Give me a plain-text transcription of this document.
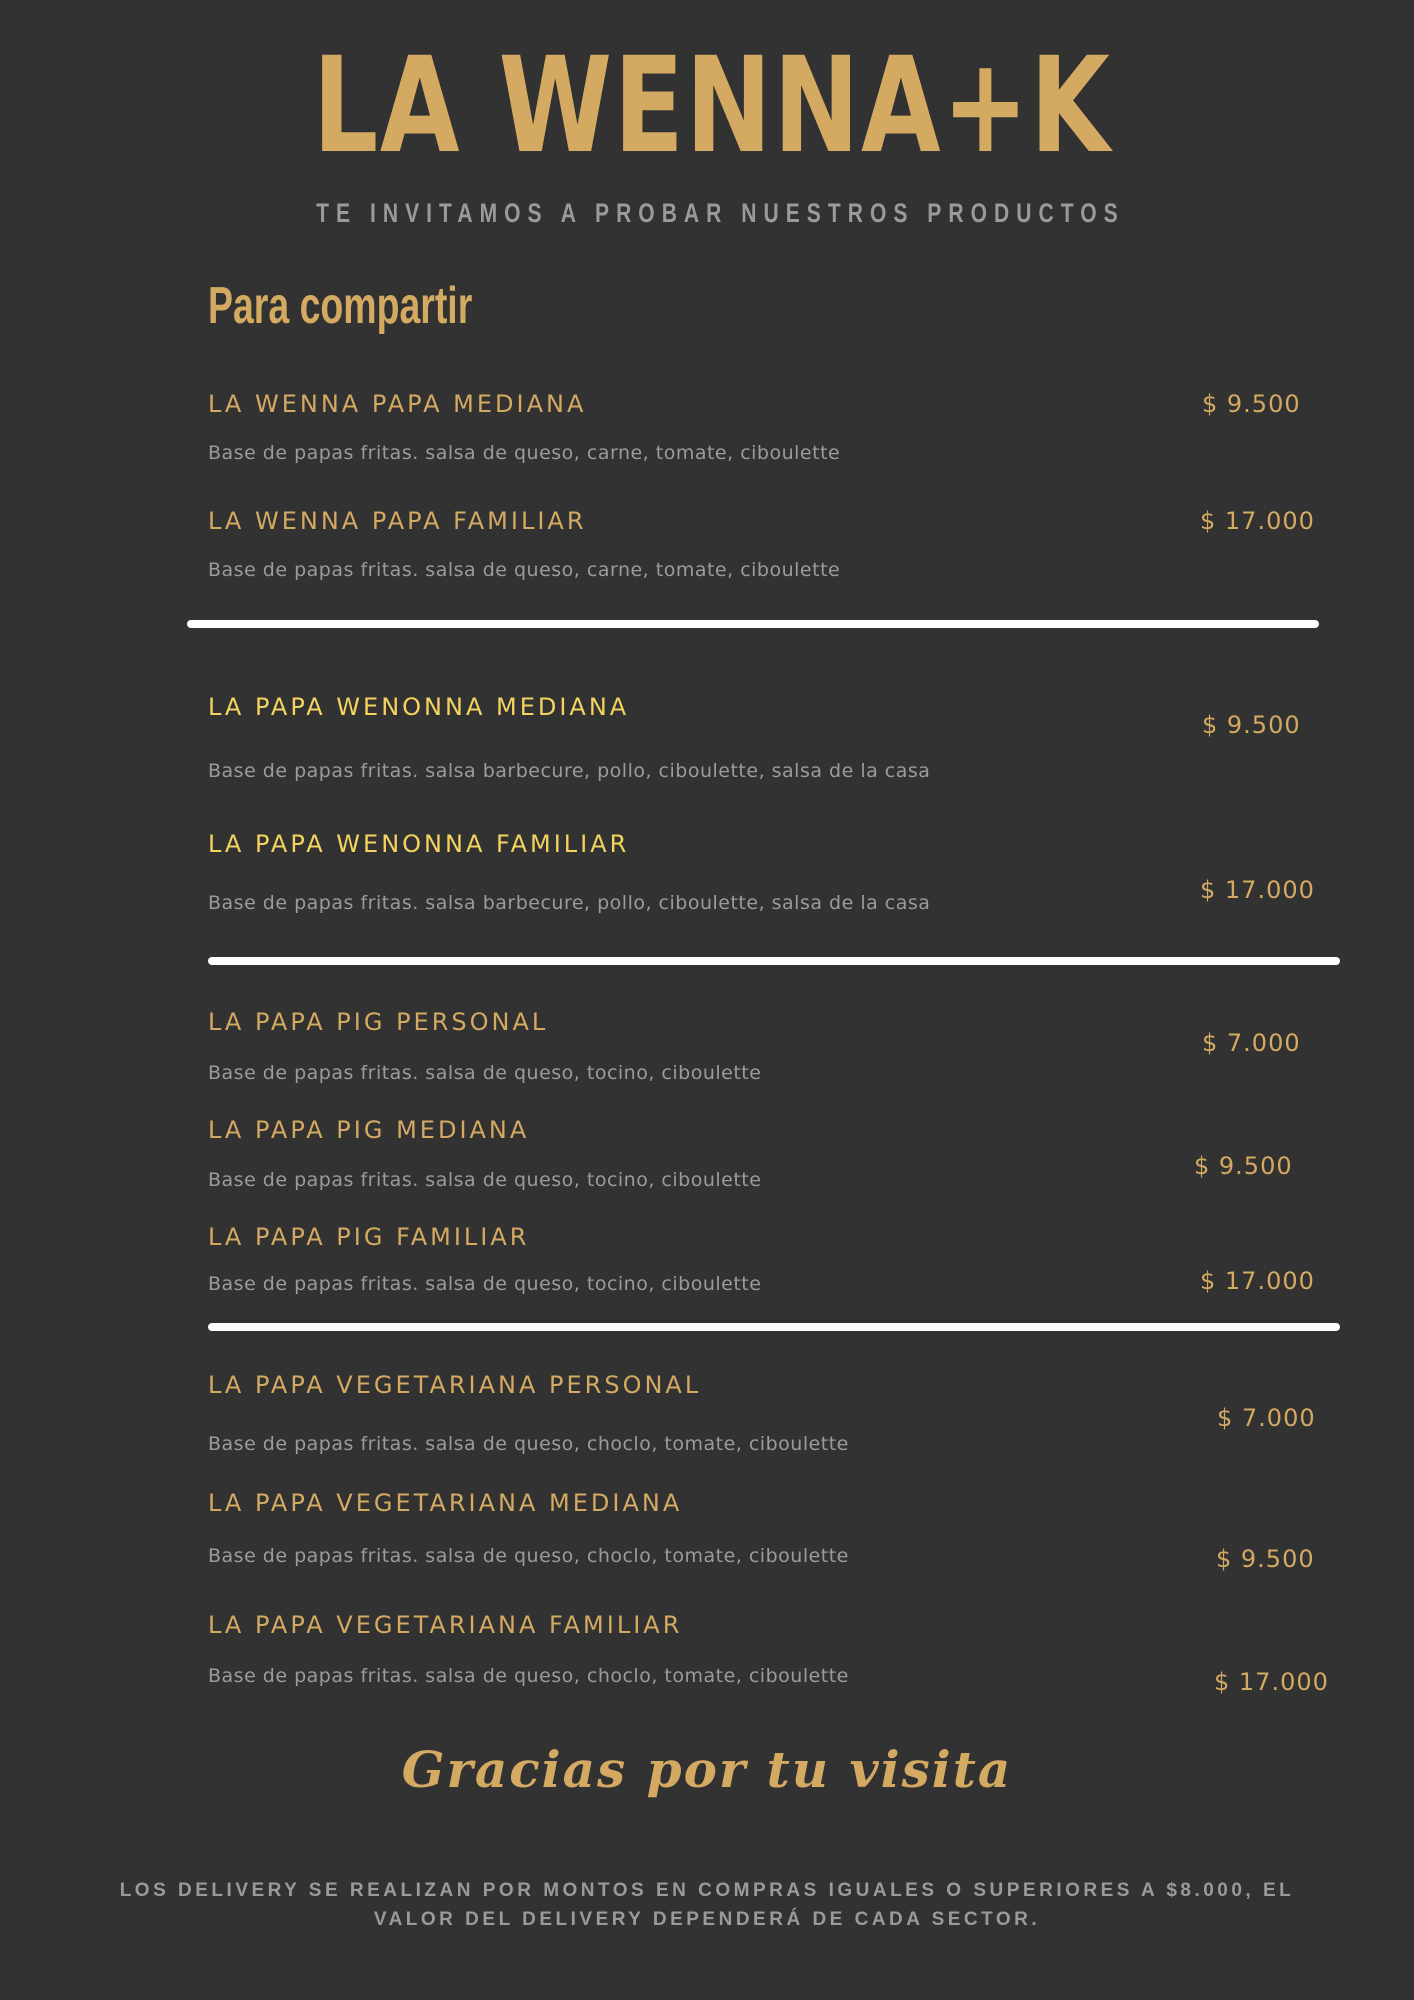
LA WENNA+K
TE INVITAMOS A PROBAR NUESTROS PRODUCTOS
Para compartir
LA WENNA PAPA MEDIANA	$ 9.500
Base de papas fritas. salsa de queso, carne, tomate, ciboulette
LA WENNA PAPA FAMILIAR	$ 17.000
Base de papas fritas. salsa de queso, carne, tomate, ciboulette
LA PAPA WENONNA MEDIANA
$ 9.500
Base de papas fritas. salsa barbecure, pollo, ciboulette, salsa de la casa
LA PAPA WENONNA FAMILIAR
$ 17.000
Base de papas fritas. salsa barbecure, pollo, ciboulette, salsa de la casa
LA PAPA PIG PERSONAL
$ 7.000
Base de papas fritas. salsa de queso, tocino, ciboulette
LA PAPA PIG MEDIANA
$ 9.500
Base de papas fritas. salsa de queso, tocino, ciboulette
LA PAPA PIG FAMILIAR
$ 17.000
Base de papas fritas. salsa de queso, tocino, ciboulette
LA PAPA VEGETARIANA PERSONAL
$ 7.000
Base de papas fritas. salsa de queso, choclo, tomate, ciboulette
LA PAPA VEGETARIANA MEDIANA
$ 9.500
Base de papas fritas. salsa de queso, choclo, tomate, ciboulette
LA PAPA VEGETARIANA FAMILIAR
$ 17.000
Base de papas fritas. salsa de queso, choclo, tomate, ciboulette
Gracias por tu visita
LOS DELIVERY SE REALIZAN POR MONTOS EN COMPRAS IGUALES O SUPERIORES A $8.000, EL
VALOR DEL DELIVERY DEPENDERÁ DE CADA SECTOR.
